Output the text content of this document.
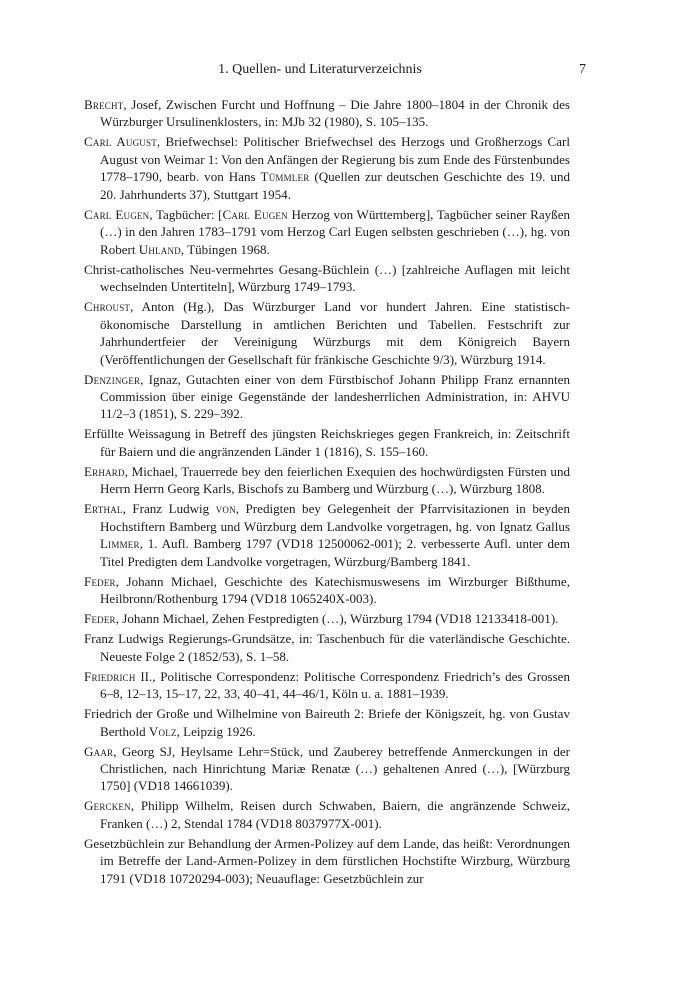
1. Quellen- und Literaturverzeichnis	7
Brecht, Josef, Zwischen Furcht und Hoffnung – Die Jahre 1800–1804 in der Chronik des Würzburger Ursulinenklosters, in: MJb 32 (1980), S. 105–135.
Carl August, Briefwechsel: Politischer Briefwechsel des Herzogs und Großherzogs Carl August von Weimar 1: Von den Anfängen der Regierung bis zum Ende des Fürstenbundes 1778–1790, bearb. von Hans Tümmler (Quellen zur deutschen Geschichte des 19. und 20. Jahrhunderts 37), Stuttgart 1954.
Carl Eugen, Tagbücher: [Carl Eugen Herzog von Württemberg], Tagbücher seiner Rayßen (…) in den Jahren 1783–1791 vom Herzog Carl Eugen selbsten geschrieben (…), hg. von Robert Uhland, Tübingen 1968.
Christ-catholisches Neu-vermehrtes Gesang-Büchlein (…) [zahlreiche Auflagen mit leicht wechselnden Untertiteln], Würzburg 1749–1793.
Chroust, Anton (Hg.), Das Würzburger Land vor hundert Jahren. Eine statistisch-ökonomische Darstellung in amtlichen Berichten und Tabellen. Festschrift zur Jahrhundertfeier der Vereinigung Würzburgs mit dem Königreich Bayern (Veröffentlichungen der Gesellschaft für fränkische Geschichte 9/3), Würzburg 1914.
Denzinger, Ignaz, Gutachten einer von dem Fürstbischof Johann Philipp Franz ernannten Commission über einige Gegenstände der landesherrlichen Administration, in: AHVU 11/2–3 (1851), S. 229–392.
Erfüllte Weissagung in Betreff des jüngsten Reichskrieges gegen Frankreich, in: Zeitschrift für Baiern und die angränzenden Länder 1 (1816), S. 155–160.
Erhard, Michael, Trauerrede bey den feierlichen Exequien des hochwürdigsten Fürsten und Herrn Herrn Georg Karls, Bischofs zu Bamberg und Würzburg (…), Würzburg 1808.
Erthal, Franz Ludwig von, Predigten bey Gelegenheit der Pfarrvisitazionen in beyden Hochstiftern Bamberg und Würzburg dem Landvolke vorgetragen, hg. von Ignatz Gallus Limmer, 1. Aufl. Bamberg 1797 (VD18 12500062-001); 2. verbesserte Aufl. unter dem Titel Predigten dem Landvolke vorgetragen, Würzburg/Bamberg 1841.
Feder, Johann Michael, Geschichte des Katechismuswesens im Wirzburger Bißthume, Heilbronn/Rothenburg 1794 (VD18 1065240X-003).
Feder, Johann Michael, Zehen Festpredigten (…), Würzburg 1794 (VD18 12133418-001).
Franz Ludwigs Regierungs-Grundsätze, in: Taschenbuch für die vaterländische Geschichte. Neueste Folge 2 (1852/53), S. 1–58.
Friedrich II., Politische Correspondenz: Politische Correspondenz Friedrich’s des Grossen 6–8, 12–13, 15–17, 22, 33, 40–41, 44–46/1, Köln u. a. 1881–1939.
Friedrich der Große und Wilhelmine von Baireuth 2: Briefe der Königszeit, hg. von Gustav Berthold Volz, Leipzig 1926.
Gaar, Georg SJ, Heylsame Lehr=Stück, und Zauberey betreffende Anmerckungen in der Christlichen, nach Hinrichtung Mariæ Renatæ (…) gehaltenen Anred (…), [Würzburg 1750] (VD18 14661039).
Gercken, Philipp Wilhelm, Reisen durch Schwaben, Baiern, die angränzende Schweiz, Franken (…) 2, Stendal 1784 (VD18 8037977X-001).
Gesetzbüchlein zur Behandlung der Armen-Polizey auf dem Lande, das heißt: Verordnungen im Betreffe der Land-Armen-Polizey in dem fürstlichen Hochstifte Wirzburg, Würzburg 1791 (VD18 10720294-003); Neuauflage: Gesetzbüchlein zur
